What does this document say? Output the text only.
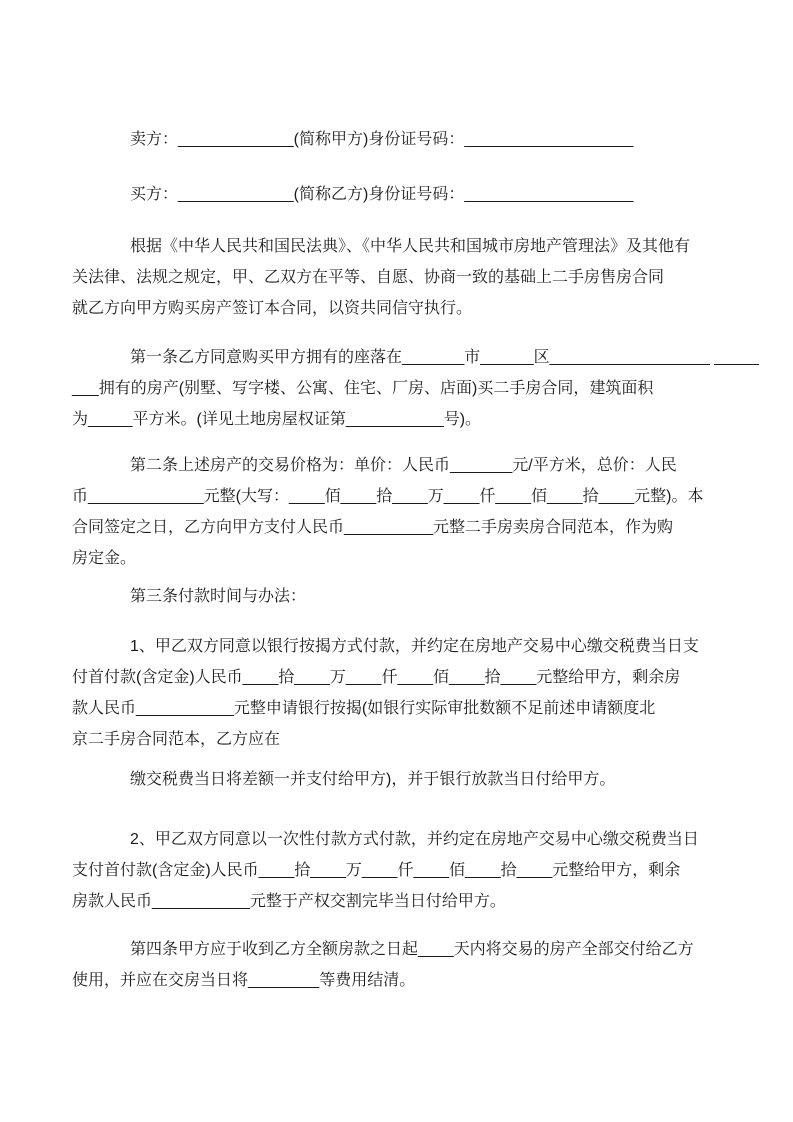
卖方：_____________(简称甲方)身份证号码：___________________
买方：_____________(简称乙方)身份证号码：___________________
根据《中华人民共和国民法典》、《中华人民共和国城市房地产管理法》及其他有
关法律、法规之规定，甲、乙双方在平等、自愿、协商一致的基础上二手房售房合同
就乙方向甲方购买房产签订本合同，以资共同信守执行。
第一条乙方同意购买甲方拥有的座落在_______市______区__________________ _____
___拥有的房产(别墅、写字楼、公寓、住宅、厂房、店面)买二手房合同，建筑面积
为_____平方米。(详见土地房屋权证第___________号)。
第二条上述房产的交易价格为：单价：人民币_______元/平方米，总价：人民
币_____________元整(大写：____佰____拾____万____仟____佰____拾____元整)。本
合同签定之日，乙方向甲方支付人民币__________元整二手房卖房合同范本，作为购
房定金。
第三条付款时间与办法：
1、甲乙双方同意以银行按揭方式付款，并约定在房地产交易中心缴交税费当日支
付首付款(含定金)人民币____拾____万____仟____佰____拾____元整给甲方，剩余房
款人民币___________元整申请银行按揭(如银行实际审批数额不足前述申请额度北
京二手房合同范本，乙方应在
缴交税费当日将差额一并支付给甲方)，并于银行放款当日付给甲方。
2、甲乙双方同意以一次性付款方式付款，并约定在房地产交易中心缴交税费当日
支付首付款(含定金)人民币____拾____万____仟____佰____拾____元整给甲方，剩余
房款人民币___________元整于产权交割完毕当日付给甲方。
第四条甲方应于收到乙方全额房款之日起____天内将交易的房产全部交付给乙方
使用，并应在交房当日将________等费用结清。
